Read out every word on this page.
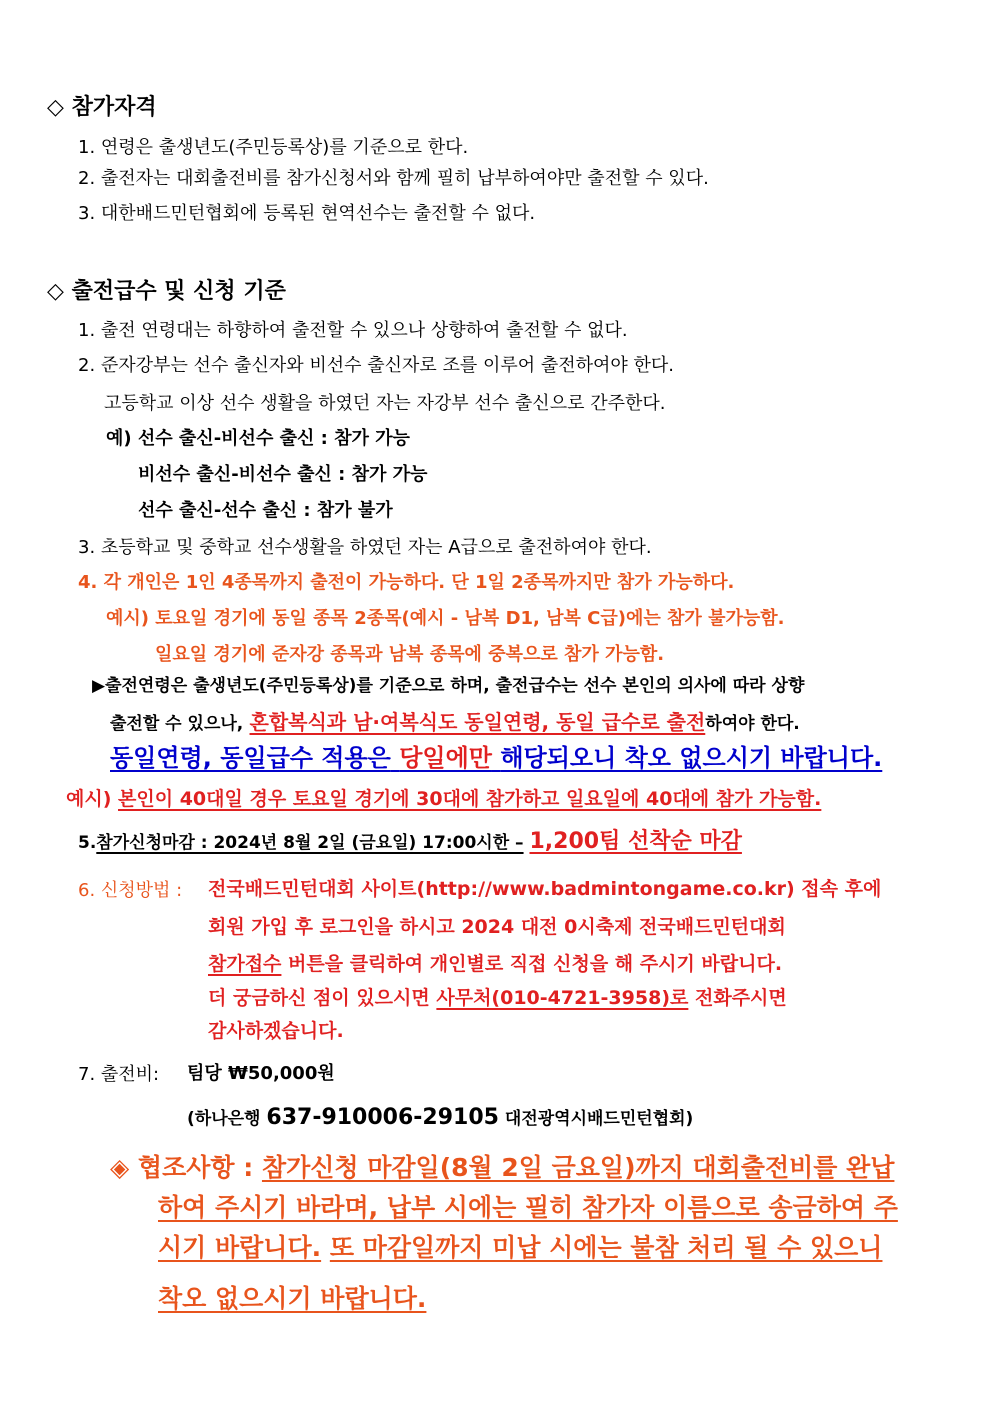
◇ 참가자격
1. 연령은 출생년도(주민등록상)를 기준으로 한다.
2. 출전자는 대회출전비를 참가신청서와 함께 필히 납부하여야만 출전할 수 있다.
3. 대한배드민턴협회에 등록된 현역선수는 출전할 수 없다.
◇ 출전급수 및 신청 기준
1. 출전 연령대는 하향하여 출전할 수 있으나 상향하여 출전할 수 없다.
2. 준자강부는 선수 출신자와 비선수 출신자로 조를 이루어 출전하여야 한다.
고등학교 이상 선수 생활을 하였던 자는 자강부 선수 출신으로 간주한다.
예) 선수 출신-비선수 출신 : 참가 가능
비선수 출신-비선수 출신 : 참가 가능
선수 출신-선수 출신 : 참가 불가
3. 초등학교 및 중학교 선수생활을 하였던 자는 A급으로 출전하여야 한다.
4. 각 개인은 1인 4종목까지 출전이 가능하다. 단 1일 2종목까지만 참가 가능하다.
예시) 토요일 경기에 동일 종목 2종목(예시 - 남복 D1, 남복 C급)에는 참가 불가능함.
일요일 경기에 준자강 종목과 남복 종목에 중복으로 참가 가능함.
▶출전연령은 출생년도(주민등록상)를 기준으로 하며, 출전급수는 선수 본인의 의사에 따라 상향
출전할 수 있으나, 혼합복식과 남·여복식도 동일연령, 동일 급수로 출전하여야 한다.
동일연령, 동일급수 적용은 당일에만 해당되오니 착오 없으시기 바랍니다.
예시) 본인이 40대일 경우 토요일 경기에 30대에 참가하고 일요일에 40대에 참가 가능함.
5.참가신청마감 : 2024년 8월 2일 (금요일) 17:00시한 – 1,200팀 선착순 마감
6. 신청방법 : 전국배드민턴대회 사이트(http://www.badmintongame.co.kr) 접속 후에
회원 가입 후 로그인을 하시고 2024 대전 0시축제 전국배드민턴대회
참가접수 버튼을 클릭하여 개인별로 직접 신청을 해 주시기 바랍니다.
더 궁금하신 점이 있으시면 사무처(010-4721-3958)로 전화주시면
감사하겠습니다.
7. 출전비: 팀당 ₩50,000원
(하나은행 637-910006-29105 대전광역시배드민턴협회)
◈ 협조사항 : 참가신청 마감일(8월 2일 금요일)까지 대회출전비를 완납
하여 주시기 바라며, 납부 시에는 필히 참가자 이름으로 송금하여 주
시기 바랍니다. 또 마감일까지 미납 시에는 불참 처리 될 수 있으니
착오 없으시기 바랍니다.
